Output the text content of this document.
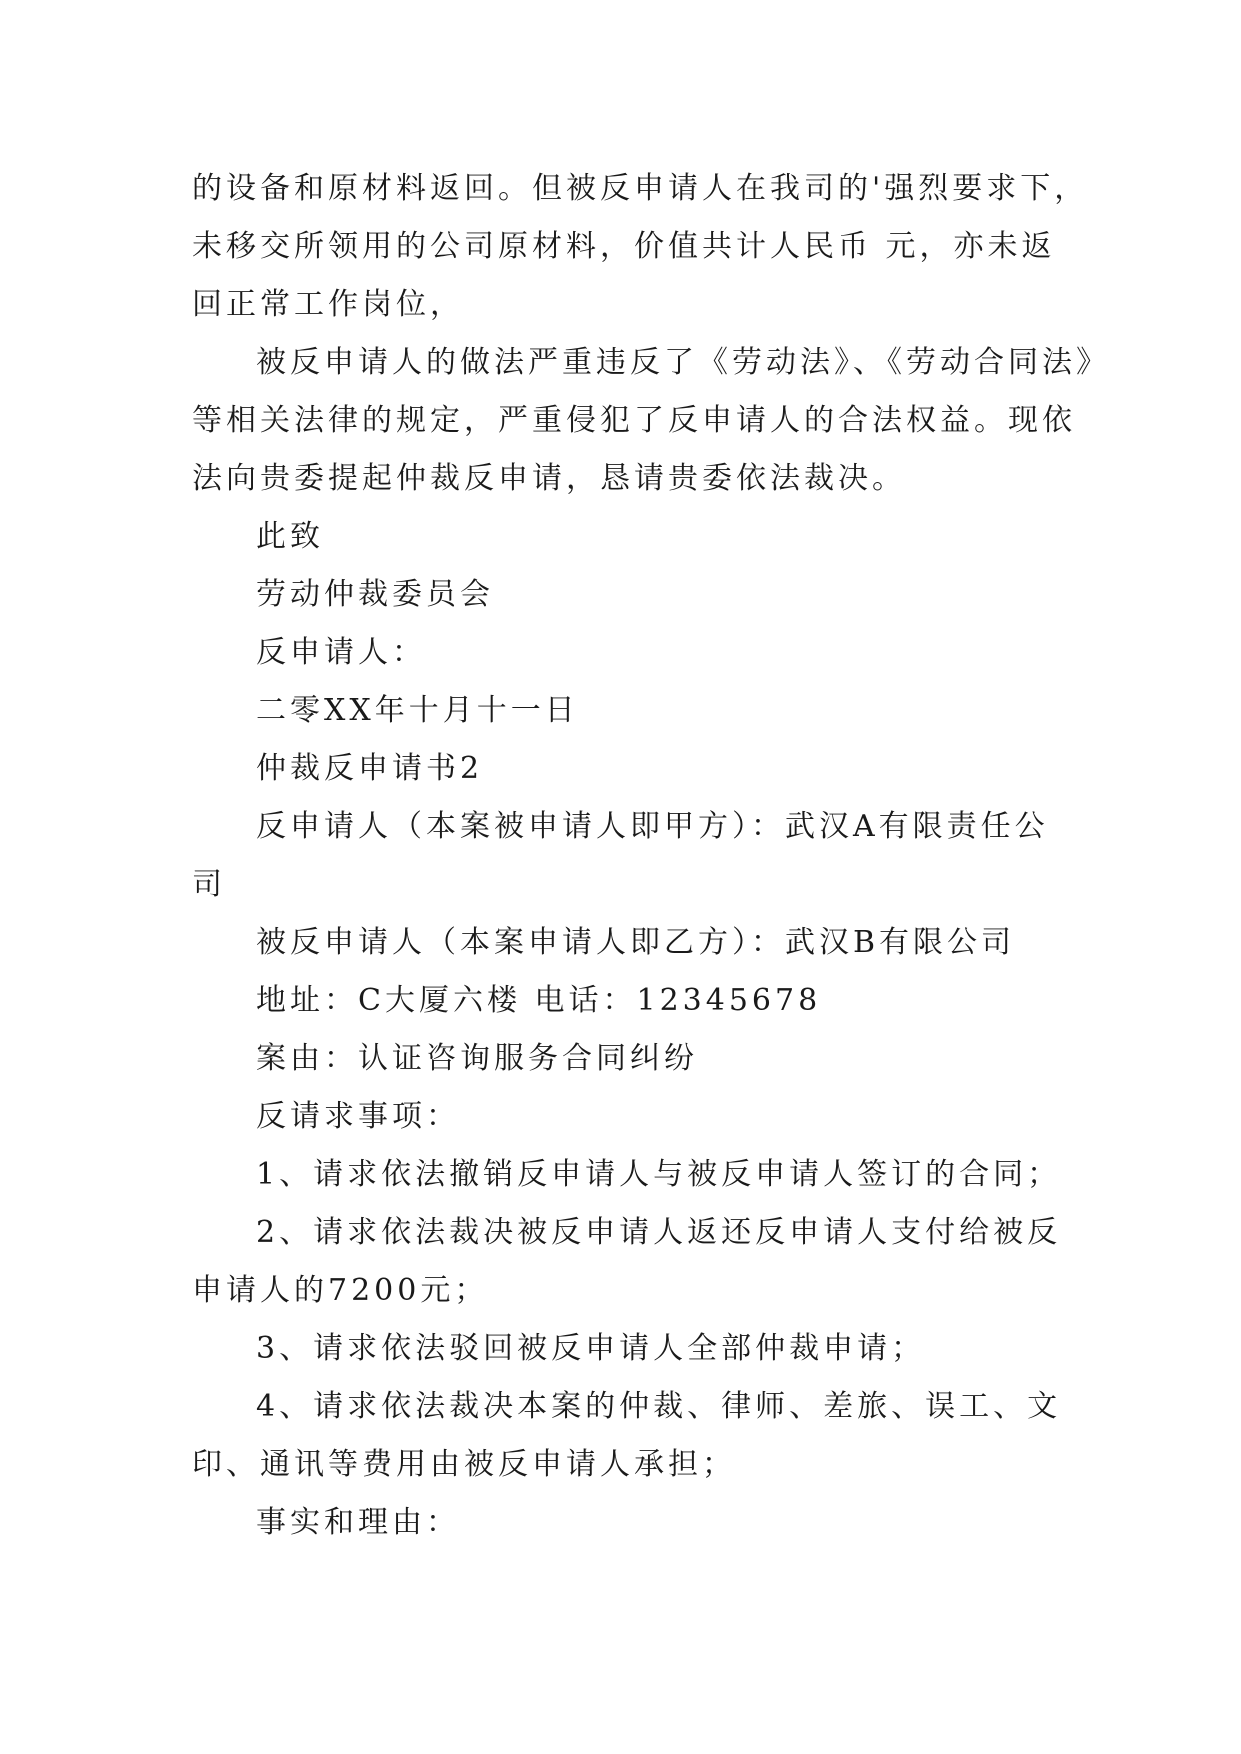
的设备和原材料返回。但被反申请人在我司的'强烈要求下，
未移交所领用的公司原材料，价值共计人民币 元，亦未返
回正常工作岗位，
被反申请人的做法严重违反了《劳动法》、《劳动合同法》
等相关法律的规定，严重侵犯了反申请人的合法权益。现依
法向贵委提起仲裁反申请，恳请贵委依法裁决。
此致
劳动仲裁委员会
反申请人：
二零XX年十月十一日
仲裁反申请书2
反申请人（本案被申请人即甲方）：武汉A有限责任公
司
被反申请人（本案申请人即乙方）：武汉B有限公司
地址：C大厦六楼 电话：12345678
案由：认证咨询服务合同纠纷
反请求事项：
1、请求依法撤销反申请人与被反申请人签订的合同；
2、请求依法裁决被反申请人返还反申请人支付给被反
申请人的7200元；
3、请求依法驳回被反申请人全部仲裁申请；
4、请求依法裁决本案的仲裁、律师、差旅、误工、文
印、通讯等费用由被反申请人承担；
事实和理由：
